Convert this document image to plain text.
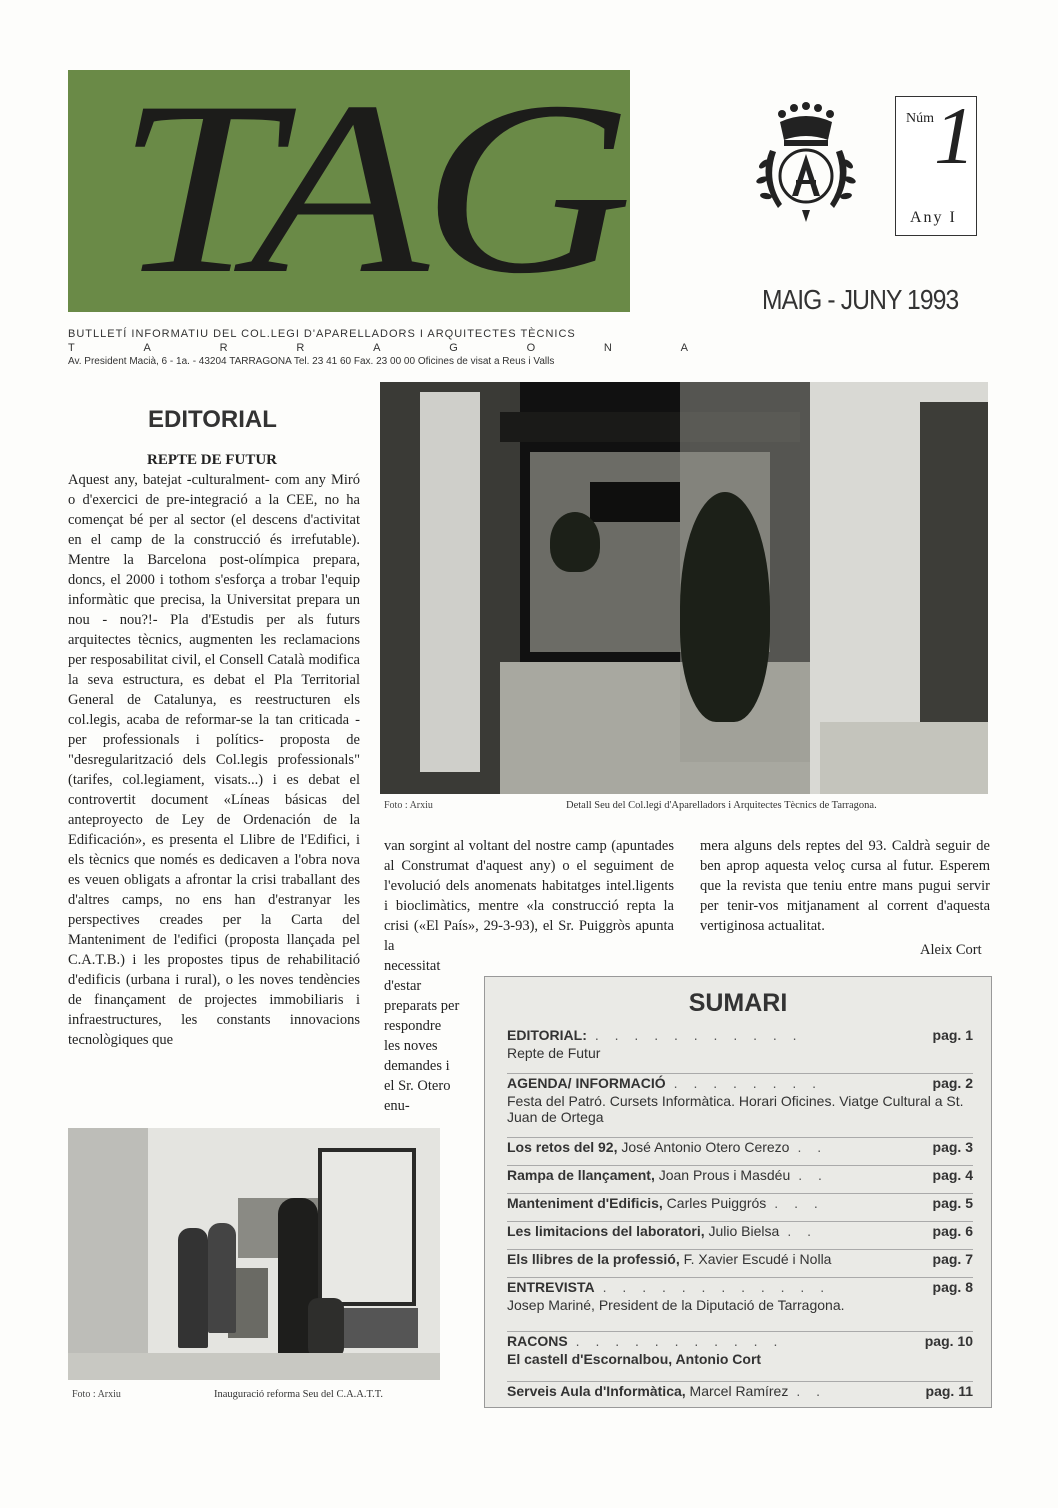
TAG	Núm 1
Any I
MAIG - JUNY 1993
BUTLLETÍ INFORMATIU DEL COL.LEGI D'APARELLADORS I ARQUITECTES TÈCNICS
T	A	R	R	A	G	O	N	A
Av. President Macià, 6 - 1a. - 43204 TARRAGONA Tel. 23 41 60 Fax. 23 00 00 Oficines de visat a Reus i Valls
EDITORIAL
REPTE DE FUTUR
Aquest any, batejat -culturalment- com any Miró o d'exercici de pre-integració a la CEE, no ha començat bé per al sector (el descens d'activitat en el camp de la construcció és irrefutable). Mentre la Barcelona post-olímpica prepara, doncs, el 2000 i tothom s'esforça a trobar l'equip informàtic que precisa, la Universitat prepara un nou - nou?!- Pla d'Estudis per als futurs arquitectes tècnics, augmenten les reclamacions per resposabilitat civil, el Consell Català modifica la seva estructura, es debat el Pla Territorial General de Catalunya, es reestructuren els col.legis, acaba de reformar-se la tan criticada -per professionals i polítics- proposta de "desregularització dels Col.legis professionals" (tarifes, col.legiament, visats...) i es debat el controvertit document «Líneas básicas del anteproyecto de Ley de Ordenación de la Edificación», es presenta el Llibre de l'Edifici, i els tècnics que només es dedicaven a l'obra nova es veuen obligats a afrontar la crisi traballant des d'altres camps, no ens han d'estranyar les perspectives creades per la Carta del Manteniment de l'edifici (proposta llançada pel C.A.T.B.) i les propostes tipus de rehabilitació d'edificis (urbana i rural), o les noves tendències de finançament de projectes immobiliaris i infraestructures, les constants innovacions tecnològiques que
Foto : Arxiu	Detall Seu del Col.legi d'Aparelladors i Arquitectes Tècnics de Tarragona.
van sorgint al voltant del nostre camp (apuntades al Construmat d'aquest any) o el seguiment de l'evolució dels anomenats habitatges intel.ligents i bioclimàtics, mentre «la construcció repta la crisi («El País», 29-3-93), el Sr. Puiggròs apunta la
necessitat d'estar preparats per respondre les noves demandes i el Sr. Otero enu-
mera alguns dels reptes del 93. Caldrà seguir de ben aprop aquesta veloç cursa al futur. Esperem que la revista que teniu entre mans pugui servir per tenir-vos mitjanament al corrent d'aquesta vertiginosa actualitat.
Aleix Cort
Foto : Arxiu	Inauguració reforma Seu del C.A.A.T.T.
SUMARI
EDITORIAL: . . . . . . . . . . .	pag. 1
Repte de Futur
AGENDA/ INFORMACIÓ . . . . . . . .	pag. 2
Festa del Patró. Cursets Informàtica. Horari Oficines. Viatge Cultural a St. Juan de Ortega
Los retos del 92, José Antonio Otero Cerezo . .	pag. 3
Rampa de llançament, Joan Prous i Masdéu . .	pag. 4
Manteniment d'Edificis, Carles Puiggrós . . .	pag. 5
Les limitacions del laboratori, Julio Bielsa . .	pag. 6
Els llibres de la professió, F. Xavier Escudé i Nolla	pag. 7
ENTREVISTA . . . . . . . . . . . .	pag. 8
Josep Mariné, President de la Diputació de Tarragona.
RACONS . . . . . . . . . . .	pag. 10
El castell d'Escornalbou, Antonio Cort
Serveis Aula d'Informàtica, Marcel Ramírez . .	pag. 11
